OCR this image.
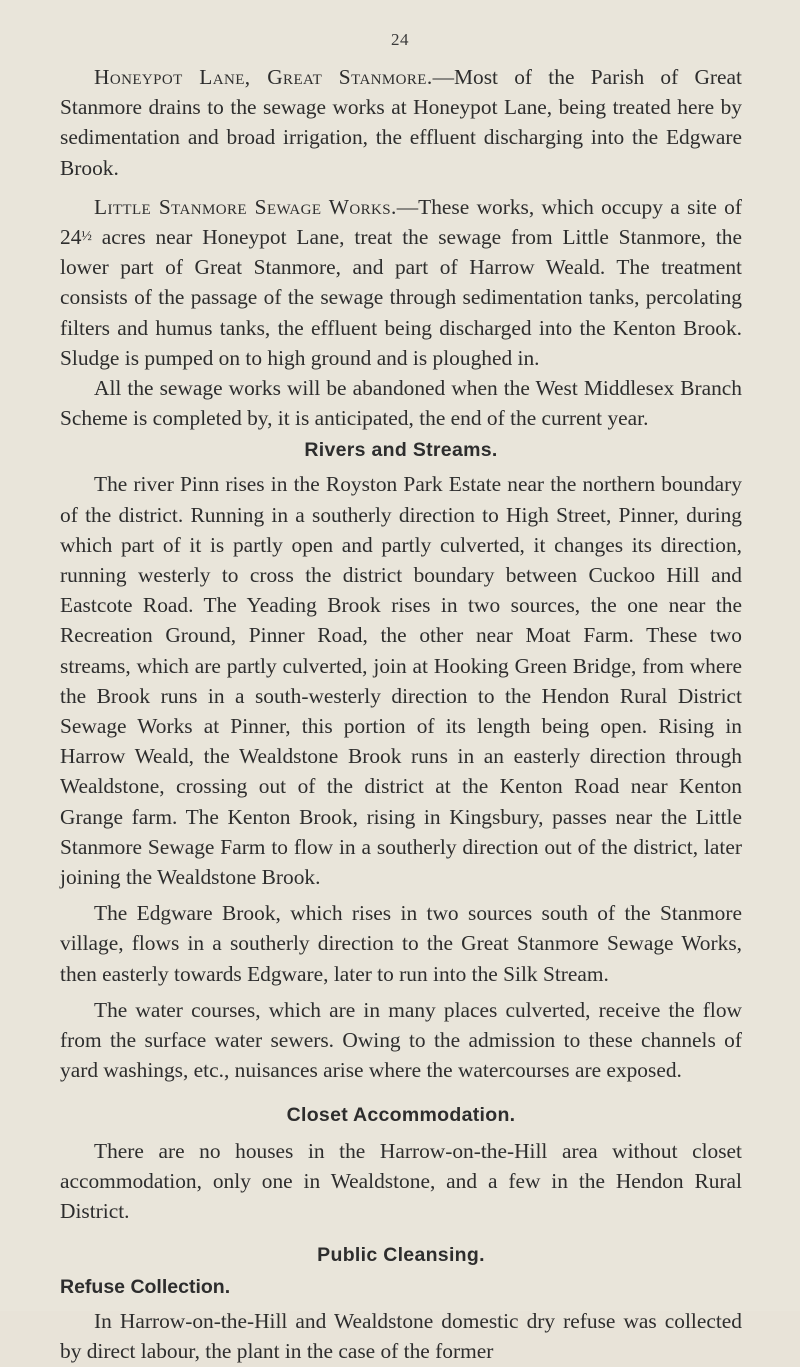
24

Honeypot Lane, Great Stanmore.—Most of the Parish of Great Stanmore drains to the sewage works at Honeypot Lane, being treated here by sedimentation and broad irrigation, the effluent discharging into the Edgware Brook.

Little Stanmore Sewage Works.—These works, which occupy a site of 24½ acres near Honeypot Lane, treat the sewage from Little Stanmore, the lower part of Great Stanmore, and part of Harrow Weald. The treatment consists of the passage of the sewage through sedimentation tanks, percolating filters and humus tanks, the effluent being discharged into the Kenton Brook. Sludge is pumped on to high ground and is ploughed in.

All the sewage works will be abandoned when the West Middlesex Branch Scheme is completed by, it is anticipated, the end of the current year.

Rivers and Streams.

The river Pinn rises in the Royston Park Estate near the northern boundary of the district. Running in a southerly direction to High Street, Pinner, during which part of it is partly open and partly culverted, it changes its direction, running westerly to cross the district boundary between Cuckoo Hill and Eastcote Road. The Yeading Brook rises in two sources, the one near the Recreation Ground, Pinner Road, the other near Moat Farm. These two streams, which are partly culverted, join at Hooking Green Bridge, from where the Brook runs in a south-westerly direction to the Hendon Rural District Sewage Works at Pinner, this portion of its length being open. Rising in Harrow Weald, the Wealdstone Brook runs in an easterly direction through Wealdstone, crossing out of the district at the Kenton Road near Kenton Grange farm. The Kenton Brook, rising in Kingsbury, passes near the Little Stanmore Sewage Farm to flow in a southerly direction out of the district, later joining the Wealdstone Brook.

The Edgware Brook, which rises in two sources south of the Stanmore village, flows in a southerly direction to the Great Stanmore Sewage Works, then easterly towards Edgware, later to run into the Silk Stream.

The water courses, which are in many places culverted, receive the flow from the surface water sewers. Owing to the admission to these channels of yard washings, etc., nuisances arise where the watercourses are exposed.

Closet Accommodation.

There are no houses in the Harrow-on-the-Hill area without closet accommodation, only one in Wealdstone, and a few in the Hendon Rural District.

Public Cleansing.
Refuse Collection.

In Harrow-on-the-Hill and Wealdstone domestic dry refuse was collected by direct labour, the plant in the case of the former
